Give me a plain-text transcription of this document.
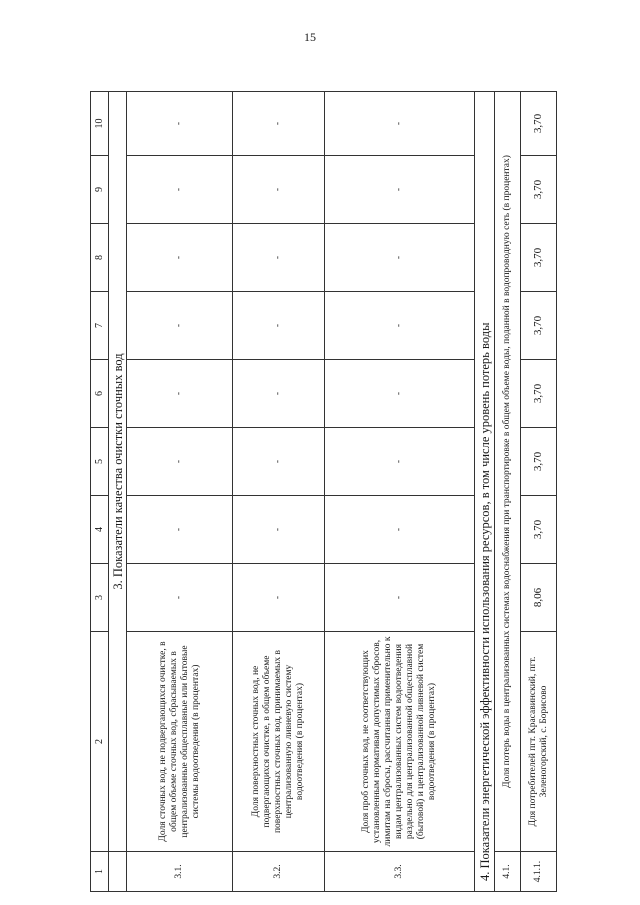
15
1	2	3	4	5	6	7	8	9	10
	3. Показатели качества очистки сточных вод								
3.1.	Доля сточных вод, не подвергающихся очистке, в общем объеме сточных вод, сбрасываемых в централизованные общесплавные или бытовые системы водоотведения (в процентах)	-	-	-	-	-	-	-	-
3.2.	Доля поверхностных сточных вод, не подвергающихся очистке, в общем объеме поверхностных сточных вод, принимаемых в централизованную ливневую систему водоотведения (в процентах)	-	-	-	-	-	-	-	-
3.3.	Доля проб сточных вод, не соответствующих установленным нормативам допустимых сбросов, лимитам на сбросы, рассчитанная применительно к видам централизованных систем водоотведения раздельно для централизованной общесплавной (бытовой) и централизованной ливневой систем водоотведения (в процентах)	-	-	-	-	-	-	-	-
4. Показатели энергетической эффективности использования ресурсов, в том числе уровень потерь воды									
4.1.	Доля потерь воды в централизованных системах водоснабжения при транспортировке в общем объеме воды, поданной в водопроводную сеть (в процентах)								
4.1.1.	Для потребителей пгт. Красавинский, пгт. Зеленогорский, с. Борисово	8,06	3,70	3,70	3,70	3,70	3,70	3,70	3,70
